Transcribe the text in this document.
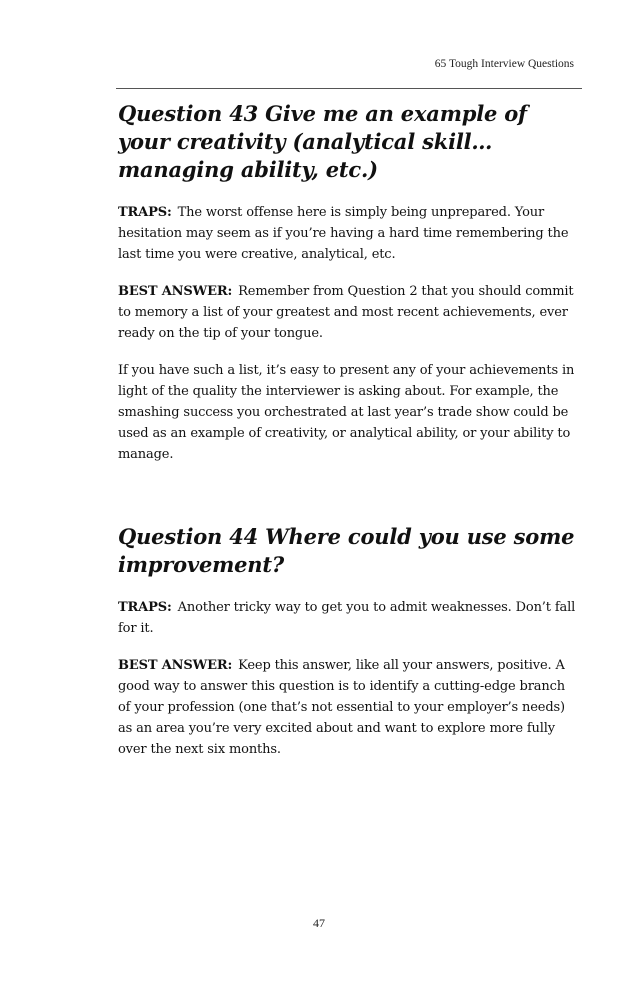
65 Tough Interview Questions
Question 43 Give me an example of your creativity (analytical skill…managing ability, etc.)

TRAPS: The worst offense here is simply being unprepared. Your hesitation may seem as if you’re having a hard time remembering the last time you were creative, analytical, etc.

BEST ANSWER: Remember from Question 2 that you should commit to memory a list of your greatest and most recent achievements, ever ready on the tip of your tongue.

If you have such a list, it’s easy to present any of your achievements in light of the quality the interviewer is asking about. For example, the smashing success you orchestrated at last year’s trade show could be used as an example of creativity, or analytical ability, or your ability to manage.

Question 44 Where could you use some improvement?

TRAPS: Another tricky way to get you to admit weaknesses. Don’t fall for it.

BEST ANSWER: Keep this answer, like all your answers, positive. A good way to answer this question is to identify a cutting-edge branch of your profession (one that’s not essential to your employer’s needs) as an area you’re very excited about and want to explore more fully over the next six months.

47
